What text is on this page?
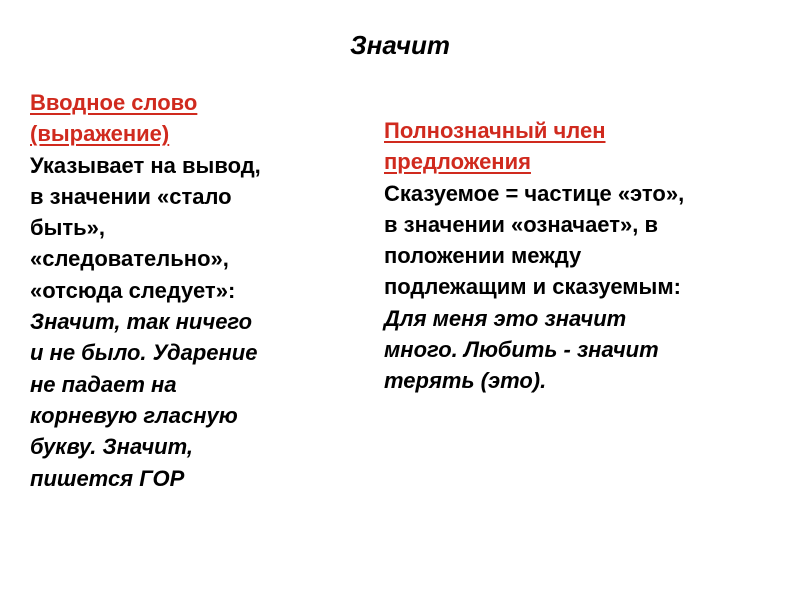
Значит
Вводное слово
(выражение)
Указывает на вывод,
в значении «стало
быть»,
«следовательно»,
«отсюда следует»:
Значит, так ничего
и не было. Ударение
не падает на
корневую гласную
букву. Значит,
пишется ГОР
Полнозначный член
предложения
Сказуемое = частице «это»,
в значении «означает», в
положении между
подлежащим и сказуемым:
Для меня это значит
много. Любить - значит
терять (это).
